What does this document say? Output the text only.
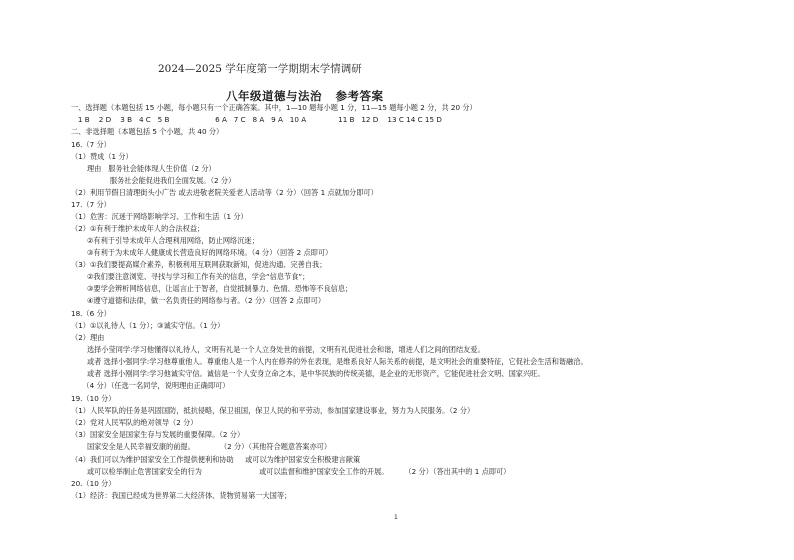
2024—2025 学年度第一学期期末学情调研
八年级道德与法治   参考答案
一、选择题（本题包括 15 小题，每小题只有一个正确答案。其中，1—10 题每小题 1 分，11—15 题每小题 2 分，共 20 分）
1 B    2 D    3 B   4 C   5 B                    6 A   7 C   8 A   9 A   10 A              11 B   12 D    13 C 14 C 15 D
二、非选择题（本题包括 5 个小题，共 40 分）
16.（7 分）
（1）赞成（1 分）
理由   服务社会能体现人生价值（2 分）
服务社会能促进我们全面发展。（2 分）
（2）利用节假日清理街头小广告 或去进敬老院关爱老人活动等（2 分）（回答 1 点就加分即可）
17.（7 分）
（1）危害：沉迷于网络影响学习、工作和生活（1 分）
（2）①有利于维护未成年人的合法权益；
②有利于引导未成年人合理利用网络，防止网络沉迷；
③有利于为未成年人健康成长营造良好的网络环境。（4 分）（回答 2 点即可）
（3）①我们要提高媒介素养，积极利用互联网获取新知，促进沟通、完善自我；
②我们要注意浏览、寻找与学习和工作有关的信息，学会“信息节食”；
③要学会辨析网络信息，让谣言止于智者，自觉抵制暴力、色情、恐怖等不良信息；
④遵守道德和法律，做一名负责任的网络参与者。（2 分）（回答 2 点即可）
18.（6 分）
（1）①以礼待人（1 分）；③诚实守信。（1 分）
（2）理由
选择小莹同学:学习他懂得以礼待人，文明有礼是一个人立身处世的前提，文明有礼促进社会和谐，增进人们之间的团结友爱。
或者 选择小强同学:学习他尊重他人。尊重他人是一个人内在修养的外在表现，是维系良好人际关系的前提，是文明社会的重要特征，它促社会生活和谐融洽。
或者 选择小刚同学:学习他诚实守信。诚信是一个人安身立命之本，是中华民族的传统美德，是企业的无形资产，它能促进社会文明、国家兴旺。
（4 分）（任选一名同学，说明理由正确即可）
19.（10 分）
（1）人民军队的任务是巩固国防，抵抗侵略，保卫祖国，保卫人民的和平劳动，参加国家建设事业，努力为人民服务。（2 分）
（2）党对人民军队的绝对领导（2 分）
（3）国家安全是国家生存与发展的重要保障。（2 分）
国家安全是人民幸福安康的前提。           （2 分）（其他符合题意答案亦可）
（4）我们可以为维护国家安全工作提供便利和协助     或可以为维护国家安全积极建言献策
或可以检举制止危害国家安全的行为                         或可以监督和维护国家安全工作的开展。       （2 分）（答出其中的 1 点即可）
20.（10 分）
（1）经济：我国已经成为世界第二大经济体、货物贸易第一大国等；
1
